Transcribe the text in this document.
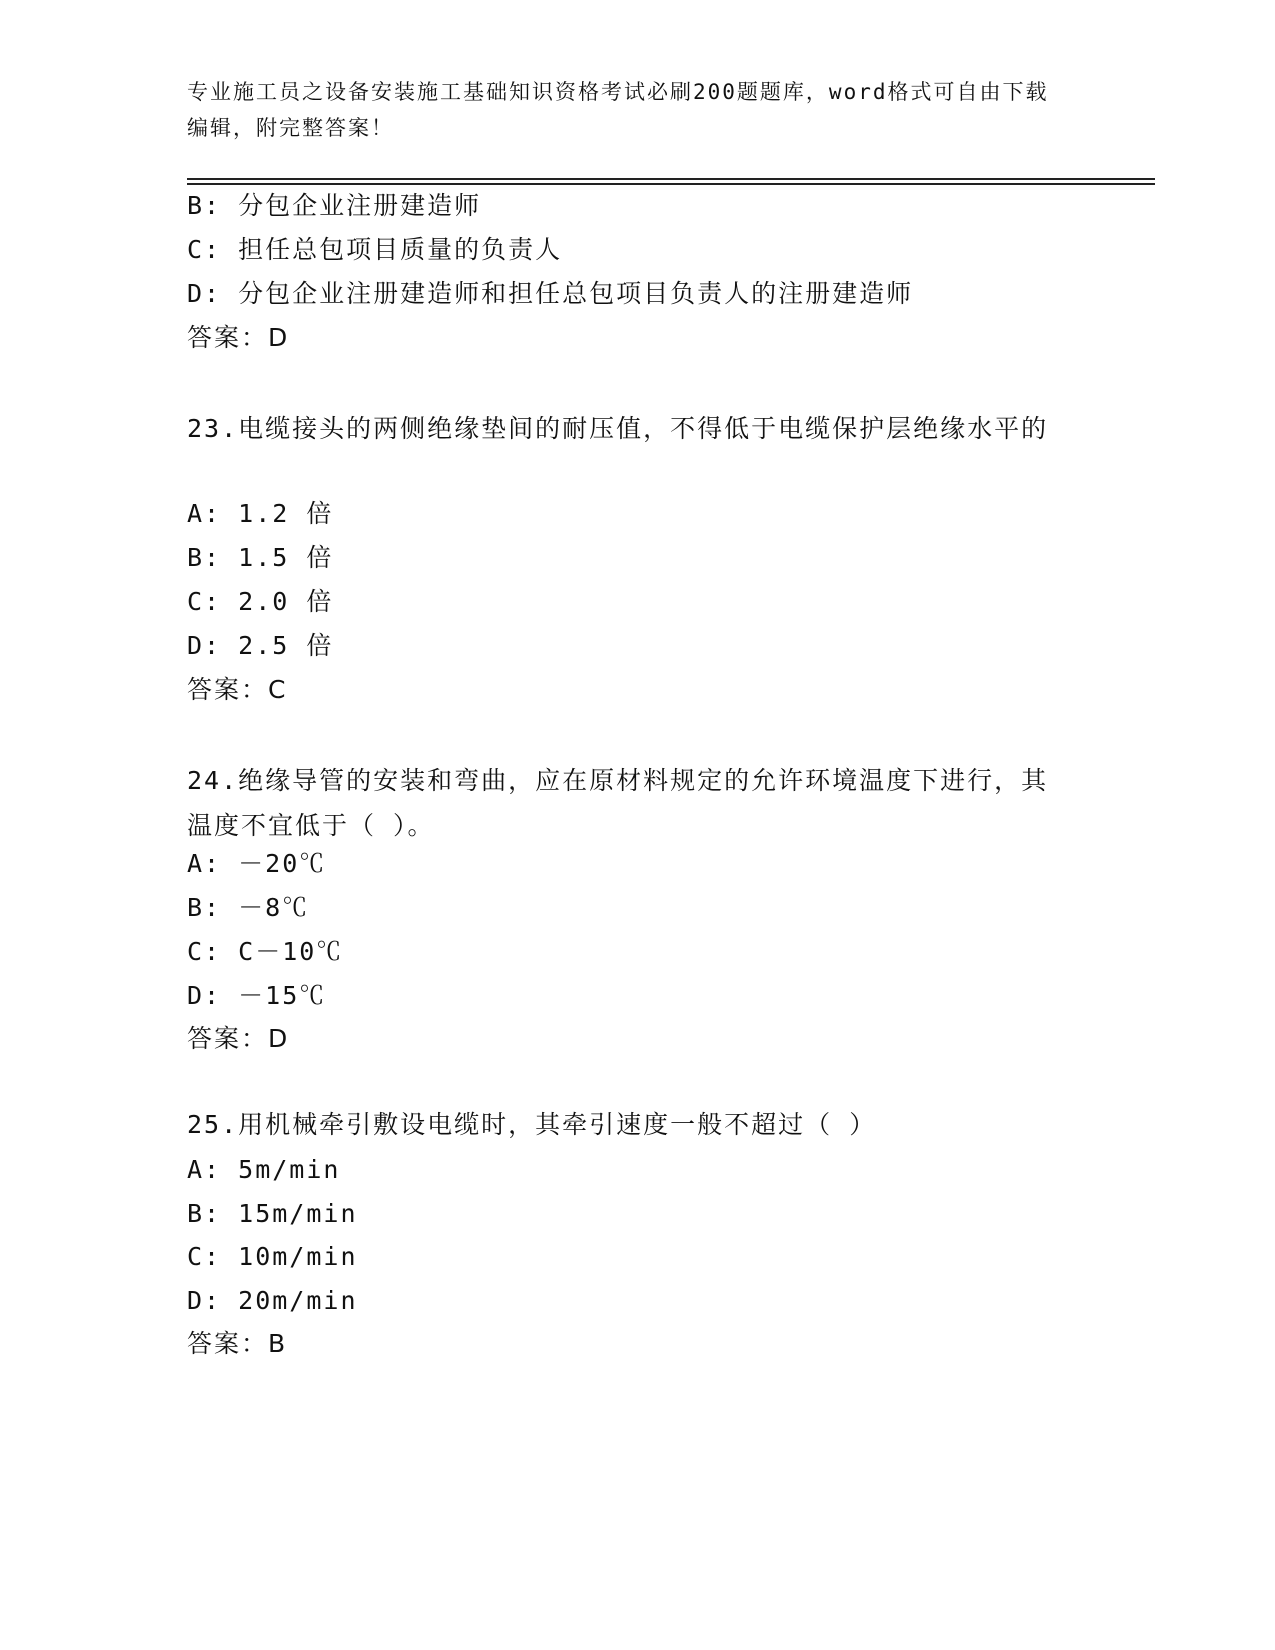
专业施工员之设备安装施工基础知识资格考试必刷200题题库，word格式可自由下载编辑，附完整答案！
B: 分包企业注册建造师
C: 担任总包项目质量的负责人
D: 分包企业注册建造师和担任总包项目负责人的注册建造师
答案：D
23.电缆接头的两侧绝缘垫间的耐压值，不得低于电缆保护层绝缘水平的
A: 1.2 倍
B: 1.5 倍
C: 2.0 倍
D: 2.5 倍
答案：C
24.绝缘导管的安装和弯曲，应在原材料规定的允许环境温度下进行，其温度不宜低于（ ）。
A: －20℃
B: －8℃
C: C－10℃
D: －15℃
答案：D
25.用机械牵引敷设电缆时，其牵引速度一般不超过（ ）
A: 5m/min
B: 15m/min
C: 10m/min
D: 20m/min
答案：B
